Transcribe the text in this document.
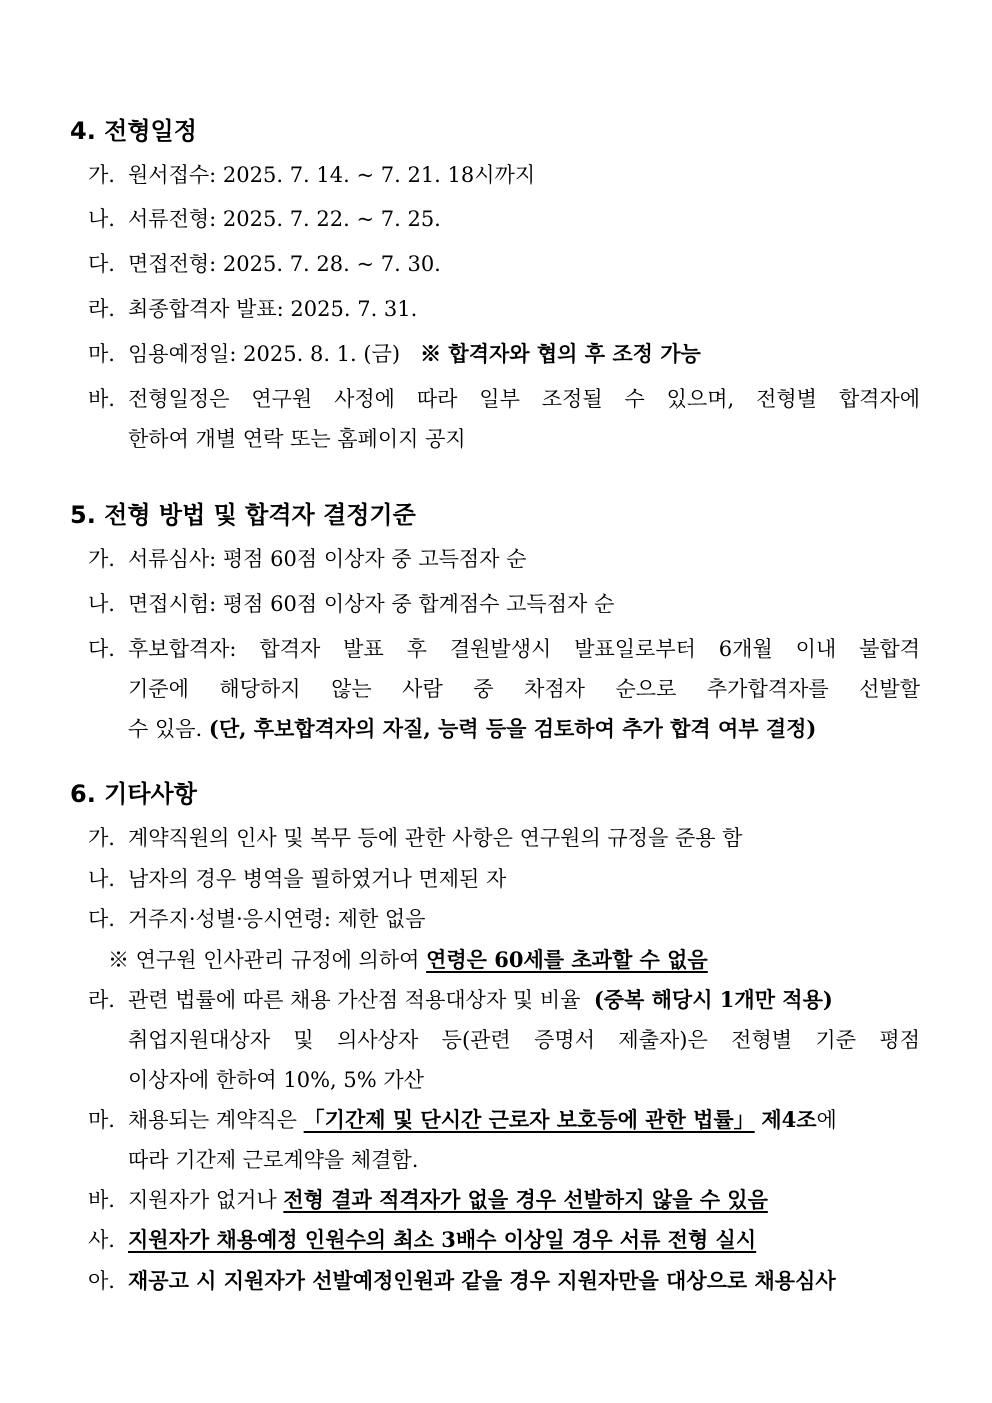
4. 전형일정
가. 원서접수: 2025. 7. 14. ~ 7. 21. 18시까지
나. 서류전형: 2025. 7. 22. ~ 7. 25.
다. 면접전형: 2025. 7. 28. ~ 7. 30.
라. 최종합격자 발표: 2025. 7. 31.
마. 임용예정일: 2025. 8. 1. (금) ※ 합격자와 협의 후 조정 가능
바. 전형일정은 연구원 사정에 따라 일부 조정될 수 있으며, 전형별 합격자에
한하여 개별 연락 또는 홈페이지 공지
5. 전형 방법 및 합격자 결정기준
가. 서류심사: 평점 60점 이상자 중 고득점자 순
나. 면접시험: 평점 60점 이상자 중 합계점수 고득점자 순
다. 후보합격자: 합격자 발표 후 결원발생시 발표일로부터 6개월 이내 불합격
기준에 해당하지 않는 사람 중 차점자 순으로 추가합격자를 선발할
수 있음. (단, 후보합격자의 자질, 능력 등을 검토하여 추가 합격 여부 결정)
6. 기타사항
가. 계약직원의 인사 및 복무 등에 관한 사항은 연구원의 규정을 준용 함
나. 남자의 경우 병역을 필하였거나 면제된 자
다. 거주지·성별·응시연령: 제한 없음
※ 연구원 인사관리 규정에 의하여 연령은 60세를 초과할 수 없음
라. 관련 법률에 따른 채용 가산점 적용대상자 및 비율 (중복 해당시 1개만 적용)
취업지원대상자 및 의사상자 등(관련 증명서 제출자)은 전형별 기준 평점
이상자에 한하여 10%, 5% 가산
마. 채용되는 계약직은 「기간제 및 단시간 근로자 보호등에 관한 법률」 제4조에
따라 기간제 근로계약을 체결함.
바. 지원자가 없거나 전형 결과 적격자가 없을 경우 선발하지 않을 수 있음
사. 지원자가 채용예정 인원수의 최소 3배수 이상일 경우 서류 전형 실시
아. 재공고 시 지원자가 선발예정인원과 같을 경우 지원자만을 대상으로 채용심사
